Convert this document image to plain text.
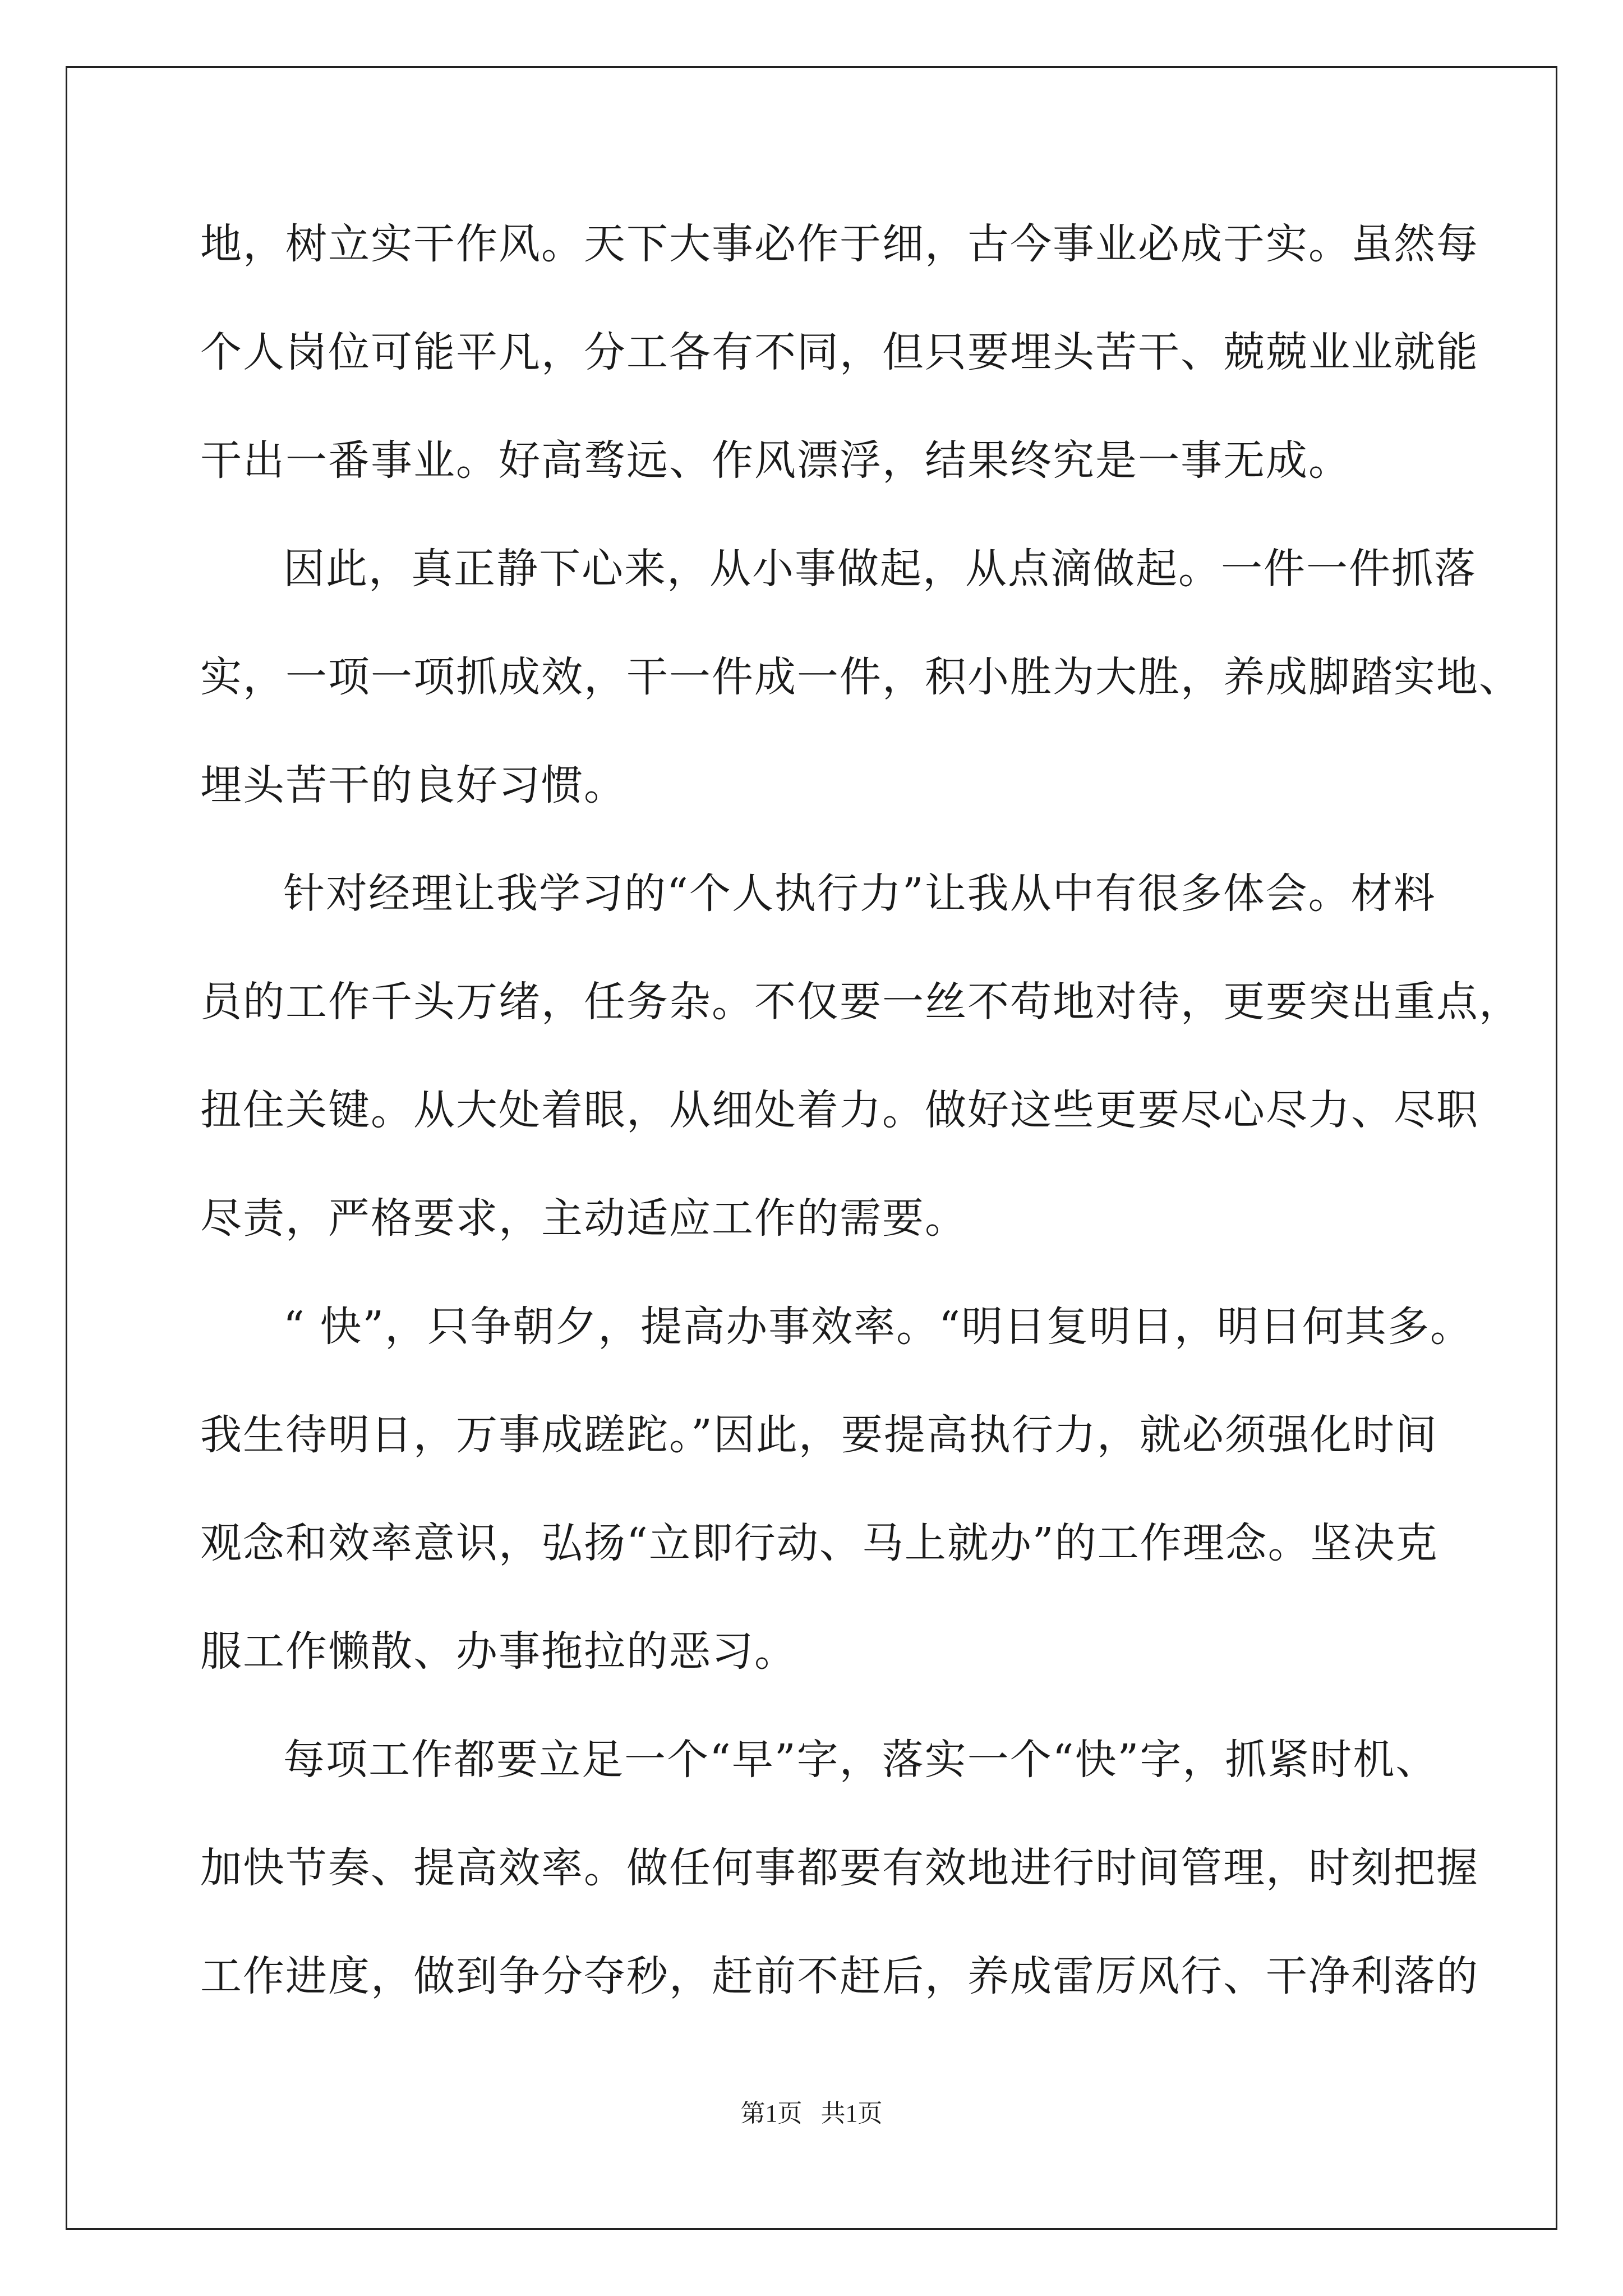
地，树立实干作风。天下大事必作于细，古今事业必成于实。虽然每
个人岗位可能平凡，分工各有不同，但只要埋头苦干、兢兢业业就能
干出一番事业。好高骛远、作风漂浮，结果终究是一事无成。
因此，真正静下心来，从小事做起，从点滴做起。一件一件抓落
实，一项一项抓成效，干一件成一件，积小胜为大胜，养成脚踏实地、
埋头苦干的良好习惯。
针对经理让我学习的“个人执行力”让我从中有很多体会。材料
员的工作千头万绪，任务杂。不仅要一丝不苟地对待，更要突出重点，
扭住关键。从大处着眼，从细处着力。做好这些更要尽心尽力、尽职
尽责，严格要求，主动适应工作的需要。
“ 快”，只争朝夕，提高办事效率。“明日复明日，明日何其多。
我生待明日，万事成蹉跎。”因此，要提高执行力，就必须强化时间
观念和效率意识，弘扬“立即行动、马上就办”的工作理念。坚决克
服工作懒散、办事拖拉的恶习。
每项工作都要立足一个“早”字，落实一个“快”字，抓紧时机、
加快节奏、提高效率。做任何事都要有效地进行时间管理，时刻把握
工作进度，做到争分夺秒，赶前不赶后，养成雷厉风行、干净利落的
第1页 共1页
